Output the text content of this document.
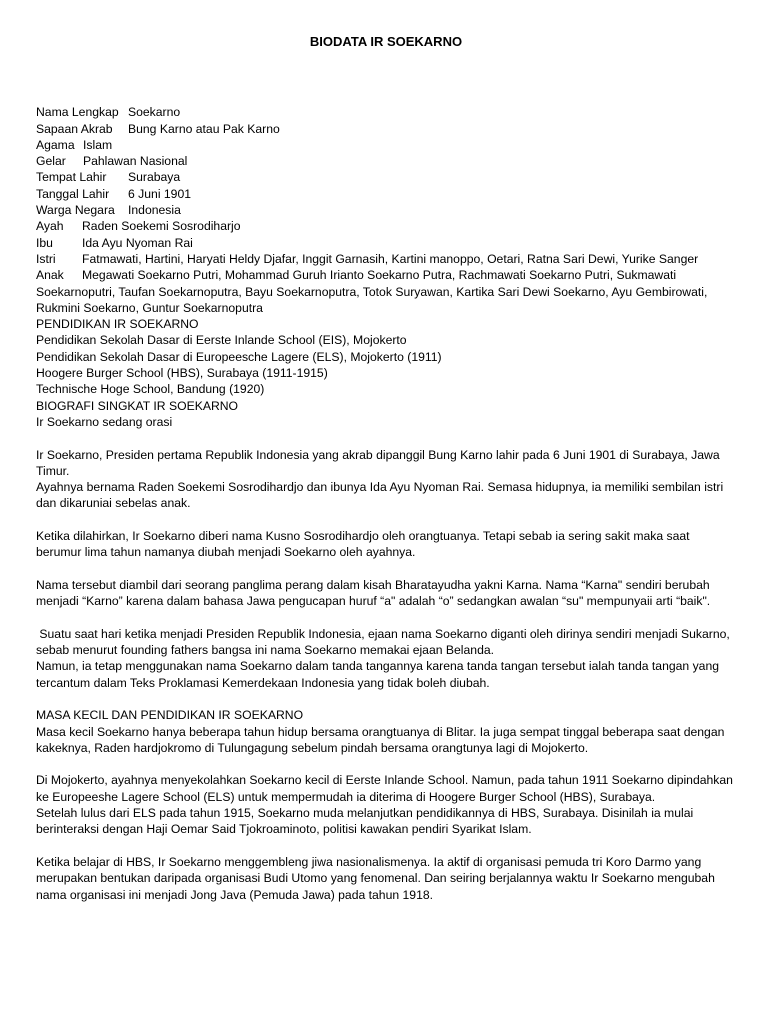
BIODATA IR SOEKARNO
Nama Lengkap Soekarno
Sapaan Akrab Bung Karno atau Pak Karno
Agama Islam
Gelar Pahlawan Nasional
Tempat Lahir Surabaya
Tanggal Lahir 6 Juni 1901
Warga Negara Indonesia
Ayah Raden Soekemi Sosrodiharjo
Ibu Ida Ayu Nyoman Rai
Istri Fatmawati, Hartini, Haryati Heldy Djafar, Inggit Garnasih, Kartini manoppo, Oetari, Ratna Sari Dewi, Yurike Sanger
Anak Megawati Soekarno Putri, Mohammad Guruh Irianto Soekarno Putra, Rachmawati Soekarno Putri, Sukmawati Soekarnoputri, Taufan Soekarnoputra, Bayu Soekarnoputra, Totok Suryawan, Kartika Sari Dewi Soekarno, Ayu Gembirowati, Rukmini Soekarno, Guntur Soekarnoputra
PENDIDIKAN IR SOEKARNO
Pendidikan Sekolah Dasar di Eerste Inlande School (EIS), Mojokerto
Pendidikan Sekolah Dasar di Europeesche Lagere (ELS), Mojokerto (1911)
Hoogere Burger School (HBS), Surabaya (1911-1915)
Technische Hoge School, Bandung (1920)
BIOGRAFI SINGKAT IR SOEKARNO
Ir Soekarno sedang orasi

Ir Soekarno, Presiden pertama Republik Indonesia yang akrab dipanggil Bung Karno lahir pada 6 Juni 1901 di Surabaya, Jawa Timur.

Ayahnya bernama Raden Soekemi Sosrodihardjo dan ibunya Ida Ayu Nyoman Rai. Semasa hidupnya, ia memiliki sembilan istri dan dikaruniai sebelas anak.

Ketika dilahirkan, Ir Soekarno diberi nama Kusno Sosrodihardjo oleh orangtuanya. Tetapi sebab ia sering sakit maka saat berumur lima tahun namanya diubah menjadi Soekarno oleh ayahnya.

Nama tersebut diambil dari seorang panglima perang dalam kisah Bharatayudha yakni Karna. Nama “Karna" sendiri berubah menjadi “Karno” karena dalam bahasa Jawa pengucapan huruf “a" adalah “o” sedangkan awalan “su" mempunyaii arti “baik".

Suatu saat hari ketika menjadi Presiden Republik Indonesia, ejaan nama Soekarno diganti oleh dirinya sendiri menjadi Sukarno, sebab menurut founding fathers bangsa ini nama Soekarno memakai ejaan Belanda.

Namun, ia tetap menggunakan nama Soekarno dalam tanda tangannya karena tanda tangan tersebut ialah tanda tangan yang tercantum dalam Teks Proklamasi Kemerdekaan Indonesia yang tidak boleh diubah.

MASA KECIL DAN PENDIDIKAN IR SOEKARNO

Masa kecil Soekarno hanya beberapa tahun hidup bersama orangtuanya di Blitar. Ia juga sempat tinggal beberapa saat dengan kakeknya, Raden hardjokromo di Tulungagung sebelum pindah bersama orangtunya lagi di Mojokerto.

Di Mojokerto, ayahnya menyekolahkan Soekarno kecil di Eerste Inlande School. Namun, pada tahun 1911 Soekarno dipindahkan ke Europeeshe Lagere School (ELS) untuk mempermudah ia diterima di Hoogere Burger School (HBS), Surabaya.

Setelah lulus dari ELS pada tahun 1915, Soekarno muda melanjutkan pendidikannya di HBS, Surabaya. Disinilah ia mulai berinteraksi dengan Haji Oemar Said Tjokroaminoto, politisi kawakan pendiri Syarikat Islam.

Ketika belajar di HBS, Ir Soekarno menggembleng jiwa nasionalismenya. Ia aktif di organisasi pemuda tri Koro Darmo yang merupakan bentukan daripada organisasi Budi Utomo yang fenomenal. Dan seiring berjalannya waktu Ir Soekarno mengubah nama organisasi ini menjadi Jong Java (Pemuda Jawa) pada tahun 1918.
